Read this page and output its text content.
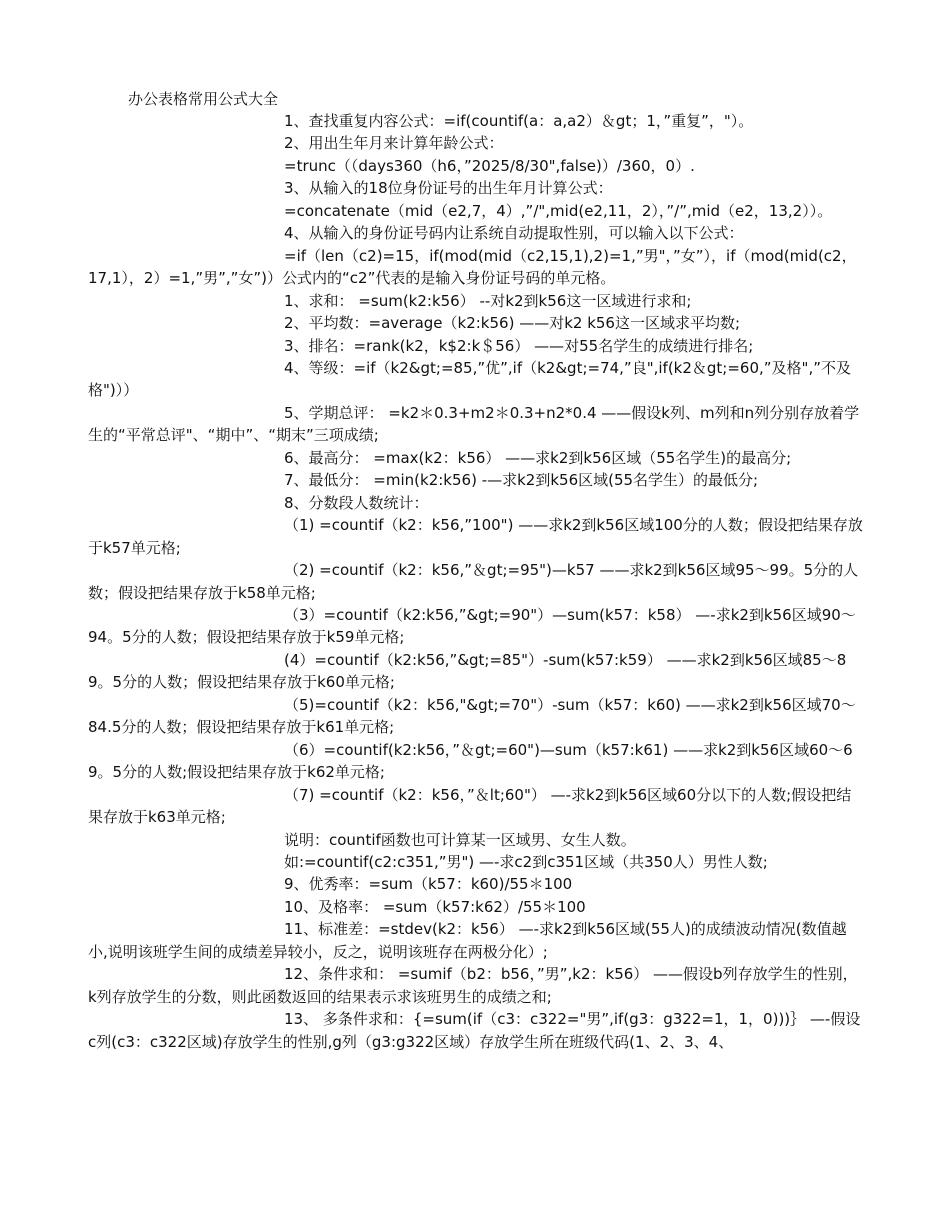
办公表格常用公式大全

1、查找重复内容公式：=if(countif(a：a,a2）＆gt；1，”重复”，"）。

2、用出生年月来计算年龄公式：

=trunc（（days360（h6，”2025/8/30",false)）/360，0）.

3、从输入的18位身份证号的出生年月计算公式：

=concatenate（mid（e2,7，4）,”/",mid(e2,11，2），”/”,mid（e2，13,2））。

4、从输入的身份证号码内让系统自动提取性别，可以输入以下公式：

=if（len（c2)=15，if(mod(mid（c2,15,1),2)=1,”男"，”女”），if（mod(mid(c2，17,1），2）=1,”男”,”女”)）公式内的“c2”代表的是输入身份证号码的单元格。

1、求和： =sum(k2:k56） --对k2到k56这一区域进行求和;

2、平均数：=average（k2:k56) ——对k2 k56这一区域求平均数;

3、排名：=rank(k2，k$2:k＄56） ——对55名学生的成绩进行排名;

4、等级：=if（k2&gt;=85,”优”,if（k2&gt;=74,”良",if(k2＆gt;=60,”及格",”不及格")））

5、学期总评： =k2＊0.3+m2＊0.3+n2*0.4 ——假设k列、m列和n列分别存放着学生的“平常总评"、“期中”、“期末”三项成绩;

6、最高分： =max(k2：k56） ——求k2到k56区域（55名学生)的最高分;

7、最低分： =min(k2:k56) -—求k2到k56区域(55名学生）的最低分;

8、分数段人数统计：

（1) =countif（k2：k56,”100") ——求k2到k56区域100分的人数；假设把结果存放于k57单元格;

（2) =countif（k2：k56,”＆gt;=95")—k57 ——求k2到k56区域95～99。5分的人数；假设把结果存放于k58单元格;

（3）=countif（k2:k56,”&gt;=90"）—sum(k57：k58） —-求k2到k56区域90～94。5分的人数；假设把结果存放于k59单元格;

(4）=countif（k2:k56,”&gt;=85"）-sum(k57:k59） ——求k2到k56区域85～89。5分的人数；假设把结果存放于k60单元格;

（5)=countif（k2：k56,"&gt;=70"）-sum（k57：k60) ——求k2到k56区域70～84.5分的人数；假设把结果存放于k61单元格;

（6）=countif(k2:k56，”＆gt;=60")—sum（k57:k61) ——求k2到k56区域60～69。5分的人数;假设把结果存放于k62单元格;

（7) =countif（k2：k56，”＆lt;60"） —-求k2到k56区域60分以下的人数;假设把结果存放于k63单元格;

说明：countif函数也可计算某一区域男、女生人数。

如:=countif(c2:c351,”男") —-求c2到c351区域（共350人）男性人数;

9、优秀率：=sum（k57：k60)/55＊100

10、及格率： =sum（k57:k62）/55＊100

11、标准差：=stdev(k2：k56） —-求k2到k56区域(55人)的成绩波动情况(数值越小,说明该班学生间的成绩差异较小，反之，说明该班存在两极分化）;

12、条件求和： =sumif（b2：b56，”男”,k2：k56） ——假设b列存放学生的性别，k列存放学生的分数，则此函数返回的结果表示求该班男生的成绩之和;

13、 多条件求和：{=sum(if（c3：c322="男”,if(g3：g322=1，1，0)))｝ —-假设c列(c3：c322区域)存放学生的性别,g列（g3:g322区域）存放学生所在班级代码(1、2、3、4、
